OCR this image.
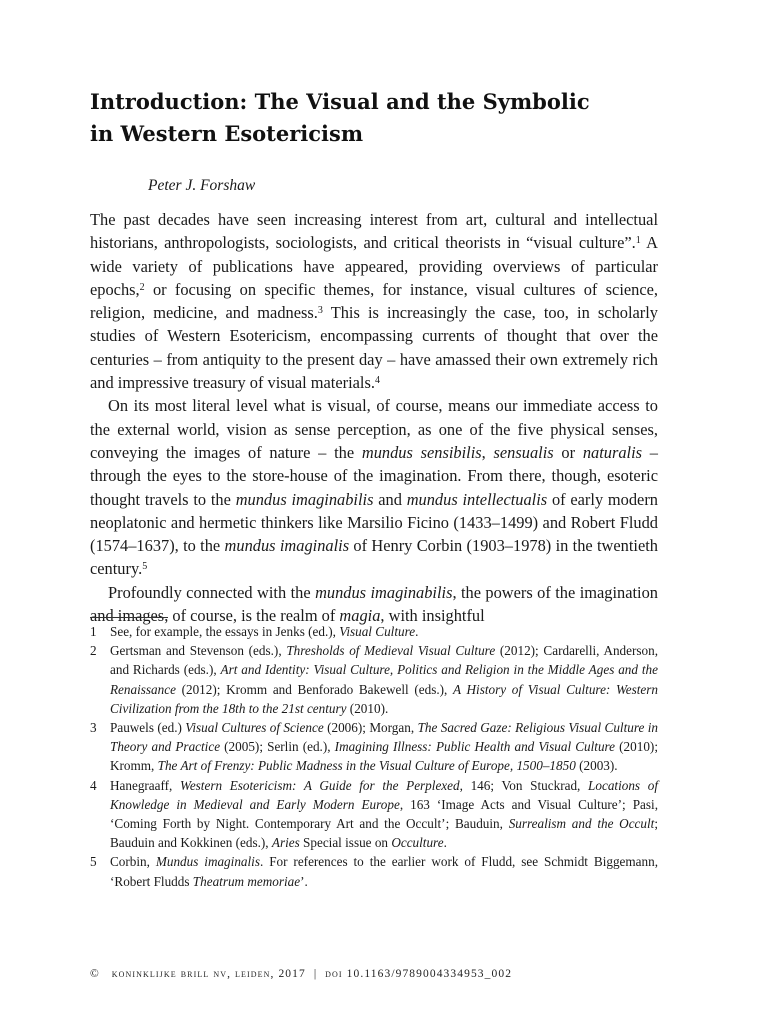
Introduction: The Visual and the Symbolic
in Western Esotericism
Peter J. Forshaw

The past decades have seen increasing interest from art, cultural and intellectual historians, anthropologists, sociologists, and critical theorists in “visual culture”.$^1$ A wide variety of publications have appeared, providing overviews of particular epochs,$^2$ or focusing on specific themes, for instance, visual cultures of science, religion, medicine, and madness.$^3$ This is increasingly the case, too, in scholarly studies of Western Esotericism, encompassing currents of thought that over the centuries – from antiquity to the present day – have amassed their own extremely rich and impressive treasury of visual materials.$^4$

On its most literal level what is visual, of course, means our immediate access to the external world, vision as sense perception, as one of the five physical senses, conveying the images of nature – the mundus sensibilis, sensualis or naturalis – through the eyes to the store-house of the imagination. From there, though, esoteric thought travels to the mundus imaginabilis and mundus intellectualis of early modern neoplatonic and hermetic thinkers like Marsilio Ficino (1433–1499) and Robert Fludd (1574–1637), to the mundus imaginalis of Henry Corbin (1903–1978) in the twentieth century.$^5$

Profoundly connected with the mundus imaginabilis, the powers of the imagination and images, of course, is the realm of magia, with insightful

1	See, for example, the essays in Jenks (ed.), Visual Culture.
2	Gertsman and Stevenson (eds.), Thresholds of Medieval Visual Culture (2012); Cardarelli, Anderson, and Richards (eds.), Art and Identity: Visual Culture, Politics and Religion in the Middle Ages and the Renaissance (2012); Kromm and Benforado Bakewell (eds.), A History of Visual Culture: Western Civilization from the 18th to the 21st century (2010).
3	Pauwels (ed.) Visual Cultures of Science (2006); Morgan, The Sacred Gaze: Religious Visual Culture in Theory and Practice (2005); Serlin (ed.), Imagining Illness: Public Health and Visual Culture (2010); Kromm, The Art of Frenzy: Public Madness in the Visual Culture of Europe, 1500–1850 (2003).
4	Hanegraaff, Western Esotericism: A Guide for the Perplexed, 146; Von Stuckrad, Locations of Knowledge in Medieval and Early Modern Europe, 163 ‘Image Acts and Visual Culture’; Pasi, ‘Coming Forth by Night. Contemporary Art and the Occult’; Bauduin, Surrealism and the Occult; Bauduin and Kokkinen (eds.), Aries Special issue on Occulture.
5	Corbin, Mundus imaginalis. For references to the earlier work of Fludd, see Schmidt Biggemann, ‘Robert Fludds Theatrum memoriae’.
© koninklijke brill nv, leiden, 2017 | doi 10.1163/9789004334953_002
